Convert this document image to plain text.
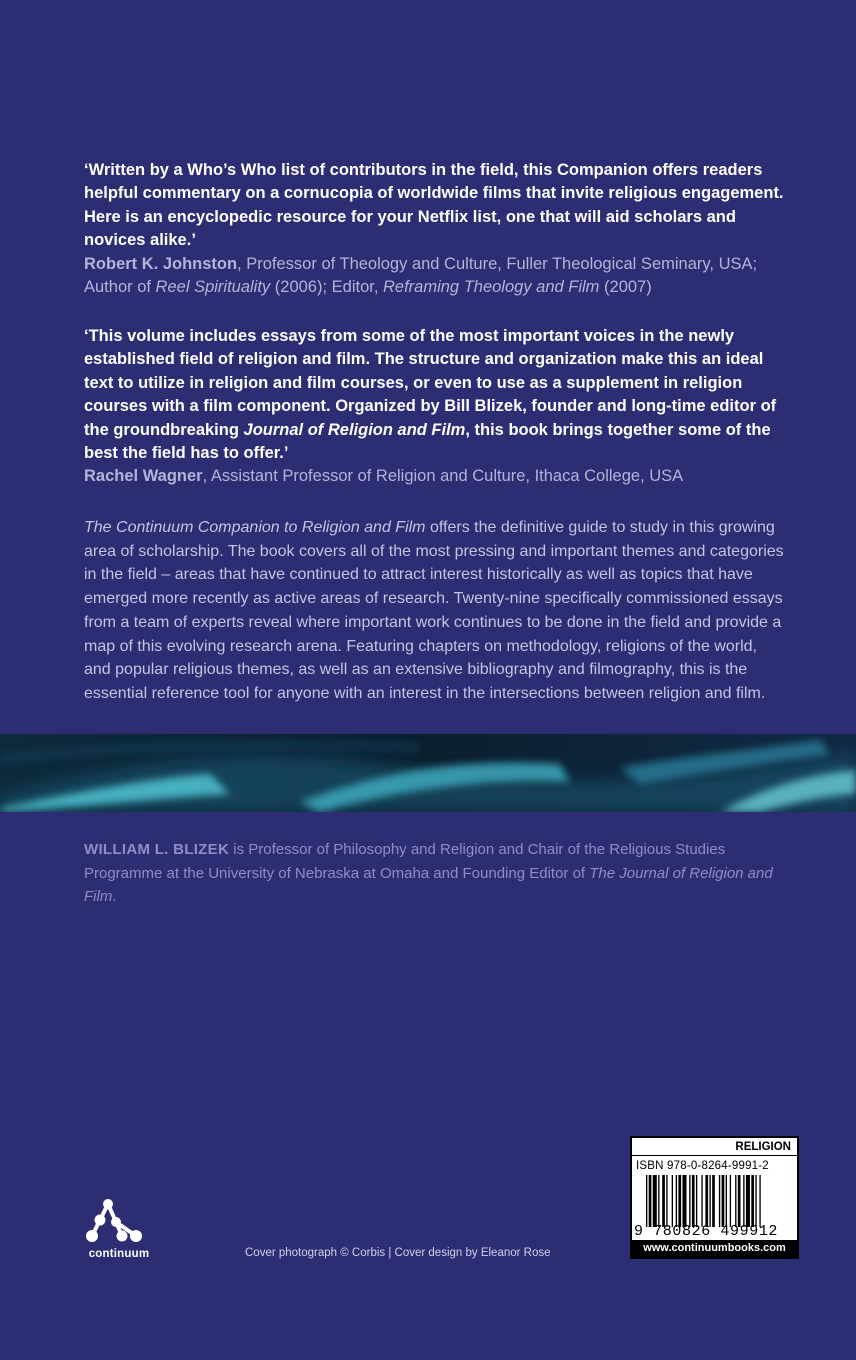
‘Written by a Who’s Who list of contributors in the field, this Companion offers readers helpful commentary on a cornucopia of worldwide films that invite religious engagement. Here is an encyclopedic resource for your Netflix list, one that will aid scholars and novices alike.’

Robert K. Johnston, Professor of Theology and Culture, Fuller Theological Seminary, USA; Author of Reel Spirituality (2006); Editor, Reframing Theology and Film (2007)

‘This volume includes essays from some of the most important voices in the newly established field of religion and film. The structure and organization make this an ideal text to utilize in religion and film courses, or even to use as a supplement in religion courses with a film component. Organized by Bill Blizek, founder and long-time editor of the groundbreaking Journal of Religion and Film, this book brings together some of the best the field has to offer.’

Rachel Wagner, Assistant Professor of Religion and Culture, Ithaca College, USA

The Continuum Companion to Religion and Film offers the definitive guide to study in this growing area of scholarship. The book covers all of the most pressing and important themes and categories in the field – areas that have continued to attract interest historically as well as topics that have emerged more recently as active areas of research. Twenty-nine specifically commissioned essays from a team of experts reveal where important work continues to be done in the field and provide a map of this evolving research arena. Featuring chapters on methodology, religions of the world, and popular religious themes, as well as an extensive bibliography and filmography, this is the essential reference tool for anyone with an interest in the intersections between religion and film.

WILLIAM L. BLIZEK is Professor of Philosophy and Religion and Chair of the Religious Studies Programme at the University of Nebraska at Omaha and Founding Editor of The Journal of Religion and Film.

continuum	Cover photograph © Corbis | Cover design by Eleanor Rose
RELIGION
ISBN 978-0-8264-9991-2
9 780826 499912
www.continuumbooks.com
